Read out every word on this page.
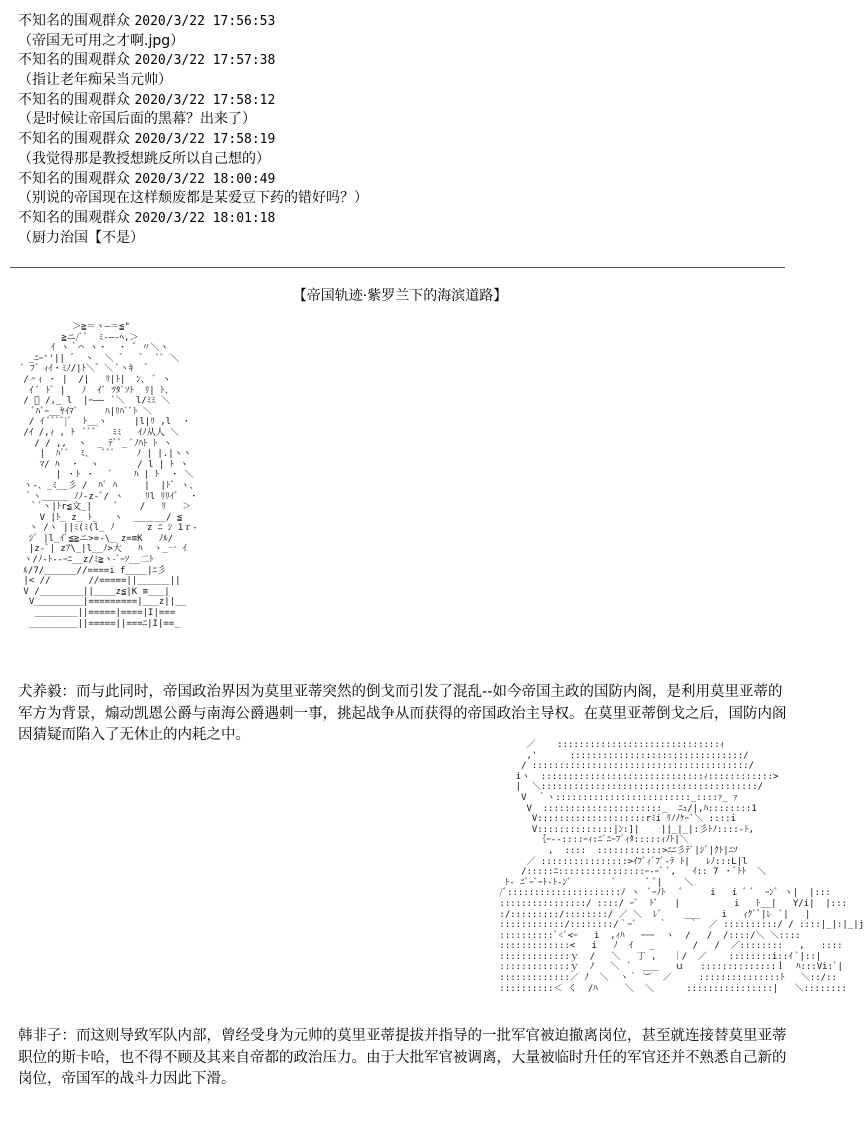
不知名的围观群众 2020/3/22 17:56:53
（帝国无可用之才啊.jpg）
不知名的围观群众 2020/3/22 17:57:38
（指让老年痴呆当元帅）
不知名的围观群众 2020/3/22 17:58:12
（是时候让帝国后面的黑幕？出来了）
不知名的围观群众 2020/3/22 17:58:19
（我觉得那是教授想跳反所以自己想的）
不知名的围观群众 2020/3/22 18:00:49
（别说的帝国现在这样颓废都是某爱豆下药的错好吗？）
不知名的围观群众 2020/3/22 18:01:18
（厨力治国【不是）
【帝国轨迹·紫罗兰下的海滨道路】
＞≧＝ヽ―＝≦"
≧ニ/ﾞﾞ  ﾐ-―‐ﾍ,＞
ｲ ヽ｀⌒ ヽ・  ・ ゛〃＼ヽ
_ﾆｰ''|| ゛ ヽ  ＼ ゛  ゛  ﾟﾟ ＼
ﾞ ﾌ゛ｨｲ・ﾐﾉ/|ﾄ＼゛＼ ﾞヽｷ  ゛
/＾ｨ ・ |  /|   ﾘ|ﾄ|  ﾝ、 ﾞ ヽ
ｲ ﾞ ﾄﾟ |   ﾉ  ｲﾞ ﾂﾀﾞｿﾄ  ﾘ| ﾄ、
/ ﾞ /,_ l  |ｰ――  ﾞ＼  l/ﾐﾐ ＼
ﾞﾊﾞｰ__ﾔｲﾏﾞ     ﾊ|ﾘﾊﾞﾞﾄ ＼
/ ｲ ﾞﾞﾞﾞ|ﾞ  ﾄ__ヽ     |l|ﾘ ,l  ・
/ｲ /,ｨ , ﾄ  ﾞﾞﾞ   ﾐﾐ   ｲﾉ从人 ＼
/ / ,,  ヽ  _ ﾃﾞﾞ_ ﾞﾉﾊﾄ ﾄ ヽ
|  ﾊﾟﾞ  ﾐ、  ﾞﾞﾞ    ﾉ | |.|ヽヽ
ﾏ/ ﾊ  ・  ヽ       / l | ﾄ ヽ
| ・ﾄ ・   ﾞ    ﾊ | ﾄ  ・ ＼
ヽ-、_ﾐ__彡 /  ﾊﾞ ﾊ     |  |ﾄﾞ ヽ、
｀ヽ_____ ﾉﾉ-z-ﾞ/ ヽ    ﾘl ﾘﾘｲﾞ  ・
｀ﾞヽ|ﾄr≦文_|    ﾞ    /   ﾘ   ＞
V |ﾄ_ z_ ﾄ_   ヽ  ______/ ≦
ヽ /ヽ ||ﾐ(ﾐ(l_ ﾉ      z ﾆ ｼ 1ｒ-
ｼﾞ |l_ｲﾞ≦≧ニ>=-\_ z=≡K   ﾉﾙ/
|z-ﾞ| zｱ\_|l__ﾉ>大   ﾊ  ヽ_一 ｲ
ヽ/ﾉ-ﾄ--ｰﾆ__z/ﾐ≧ヽ-ﾞｰｿ__二ﾄ
ﾙ/7/______//====i f____|ﾆ彡
|< //       //=====||______||
V /________||____z≦|K ≡___|
V_________|=========|___z||__
________||=====|====|I|===
_________||=====||===ﾆ|I|==_
犬养毅：而与此同时，帝国政治界因为莫里亚蒂突然的倒戈而引发了混乱--如今帝国主政的国防内阁，是利用莫里亚蒂的军方为背景，煽动凯恩公爵与南海公爵遇刺一事，挑起战争从而获得的帝国政治主导权。在莫里亚蒂倒戈之后，国防内阁因猜疑而陷入了无休止的内耗之中。
／    ::::::::::::::::::::::::::::::ｨ
,'      ::::::::::::::::::::::::::::::::/
/ ::::::::::::::::::::::::::::::::::::::::/
iヽ  ::::::::::::::::::::::::::::::ｨ::::::::::::>
|  ＼::::::::::::::::::::::::::::::::::::::::/
V  ｀ヽ:::::::::::::::::::::::::_::::ｧ_ ｧ
V  ::::::::::::::::::::::_  ﾆｭ/|,ﾊ::::::::1
V::::::::::::::::::::rﾐi ﾘﾉﾉｹｰ`＼ ::::i
V::::::::::::::|ﾝ:]|    ||_|_|:彡ﾄﾉ::::-ﾄ,
｛ｰ--::::ｰｨ:ﾆﾞﾆｰﾌﾞｨﾀ:::::ｨﾉﾄ|＼
,  ::::  ::::::::::::>ﾆﾆ彡ﾃﾞ|ｼﾞ|ｸﾄ|ﾆｿ
／ ::::::::::::::::>ｲﾌﾞｨﾞﾌﾞ-ﾃ ﾄ|   ﾚﾉ:::L|l
/:::::ﾆ::::::::::::::::ｰ-ｰﾞ ﾞ,   ｲ:: 7 ・ﾞﾄﾄ  ＼
ﾄ- ﾆﾞｰﾞｰﾄ-ﾄ-ﾝﾞ        ﾞ      ﾞ ﾞ|    ＼
/ﾞ:::::::::::::::::::::ﾉ ヽ  ﾞｰﾉﾄ   ﾞ     i   i ﾞ ﾞ  ｰﾝﾞ ヽ|  |:::
::::::::::::::::/ ::::/ ｰﾞ  ﾄﾞ   |          i   ﾄ__|   Y/i|  |:::
:/:::::::::/::::::::/ ／ ＼  ﾚﾞ    ___    i   ｨｸﾞﾞ|ﾚ  ﾞ|   |
::::::::::::/::::::::/｀ｰﾞ    ｀    ｀  ／ ::::::::::/ / ::::|_|:|_|j
::::::::::ﾞ<ﾞ<ｰ   i  ,ｨﾊ   ｰｰｰ  ヽ  /   /  /::::/＼ ＼::::
:::::::::::::<   i   ﾉ  ｲ   _       /   /  ／::::::::   ,   ::::
:::::::::::::ｙ  /   ＼   丁 ,   ｜/  ／    ::::::::i::ｲ ﾞ|::|
:::::::::::::ｙ  ﾉ   ＼  ﾞ  ___   ｕ   ::::::::::::::ｌ  ﾊ:::Vi:ﾞ|
:::::::::::::／ ﾉ  ＼  ヽ｀ ︶  ／     :::::::::::::::ﾄ   ＼::/::
::::::::::＜ く  /ﾊ     ＼  ＼      ::::::::::::::::|   ＼::::::::
韩非子：而这则导致军队内部，曾经受身为元帅的莫里亚蒂提拔并指导的一批军官被迫撤离岗位，甚至就连接替莫里亚蒂职位的斯卡哈，也不得不顾及其来自帝都的政治压力。由于大批军官被调离，大量被临时升任的军官还并不熟悉自己新的岗位，帝国军的战斗力因此下滑。
